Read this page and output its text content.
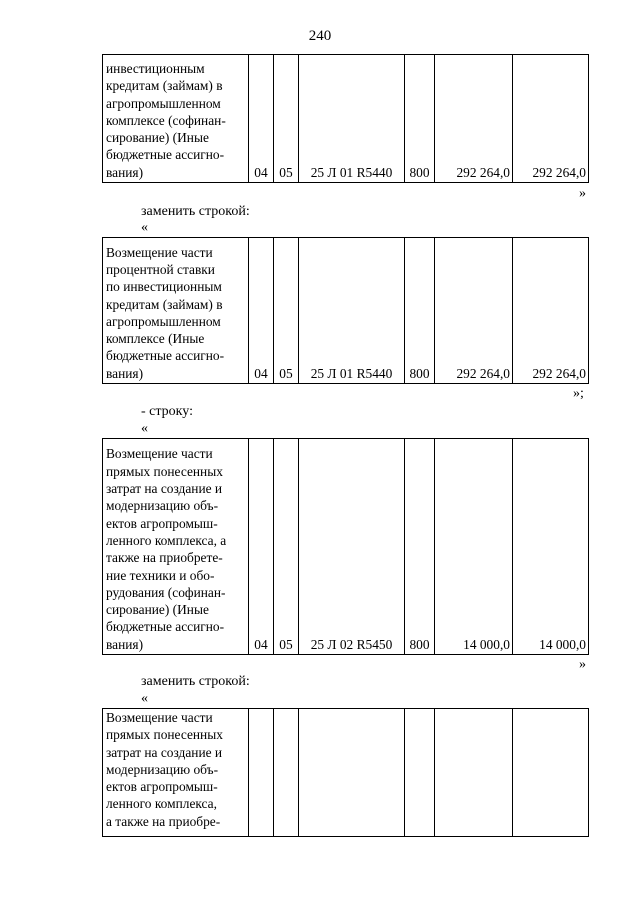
240
инвестиционным
кредитам (займам) в
агропромышленном
комплексе (софинан-
сирование) (Иные
бюджетные ассигно-
вания)	04	05	25 Л 01 R5440	800	292 264,0	292 264,0
»
заменить строкой:
«
Возмещение части
процентной ставки
по инвестиционным
кредитам (займам) в
агропромышленном
комплексе (Иные
бюджетные ассигно-
вания)	04	05	25 Л 01 R5440	800	292 264,0	292 264,0
»;
- строку:
«
Возмещение части
прямых понесенных
затрат на создание и
модернизацию объ-
ектов агропромыш-
ленного комплекса, а
также на приобрете-
ние техники и обо-
рудования (софинан-
сирование) (Иные
бюджетные ассигно-
вания)	04	05	25 Л 02 R5450	800	14 000,0	14 000,0
»
заменить строкой:
«
Возмещение части
прямых понесенных
затрат на создание и
модернизацию объ-
ектов агропромыш-
ленного комплекса,
а также на приобре-						
